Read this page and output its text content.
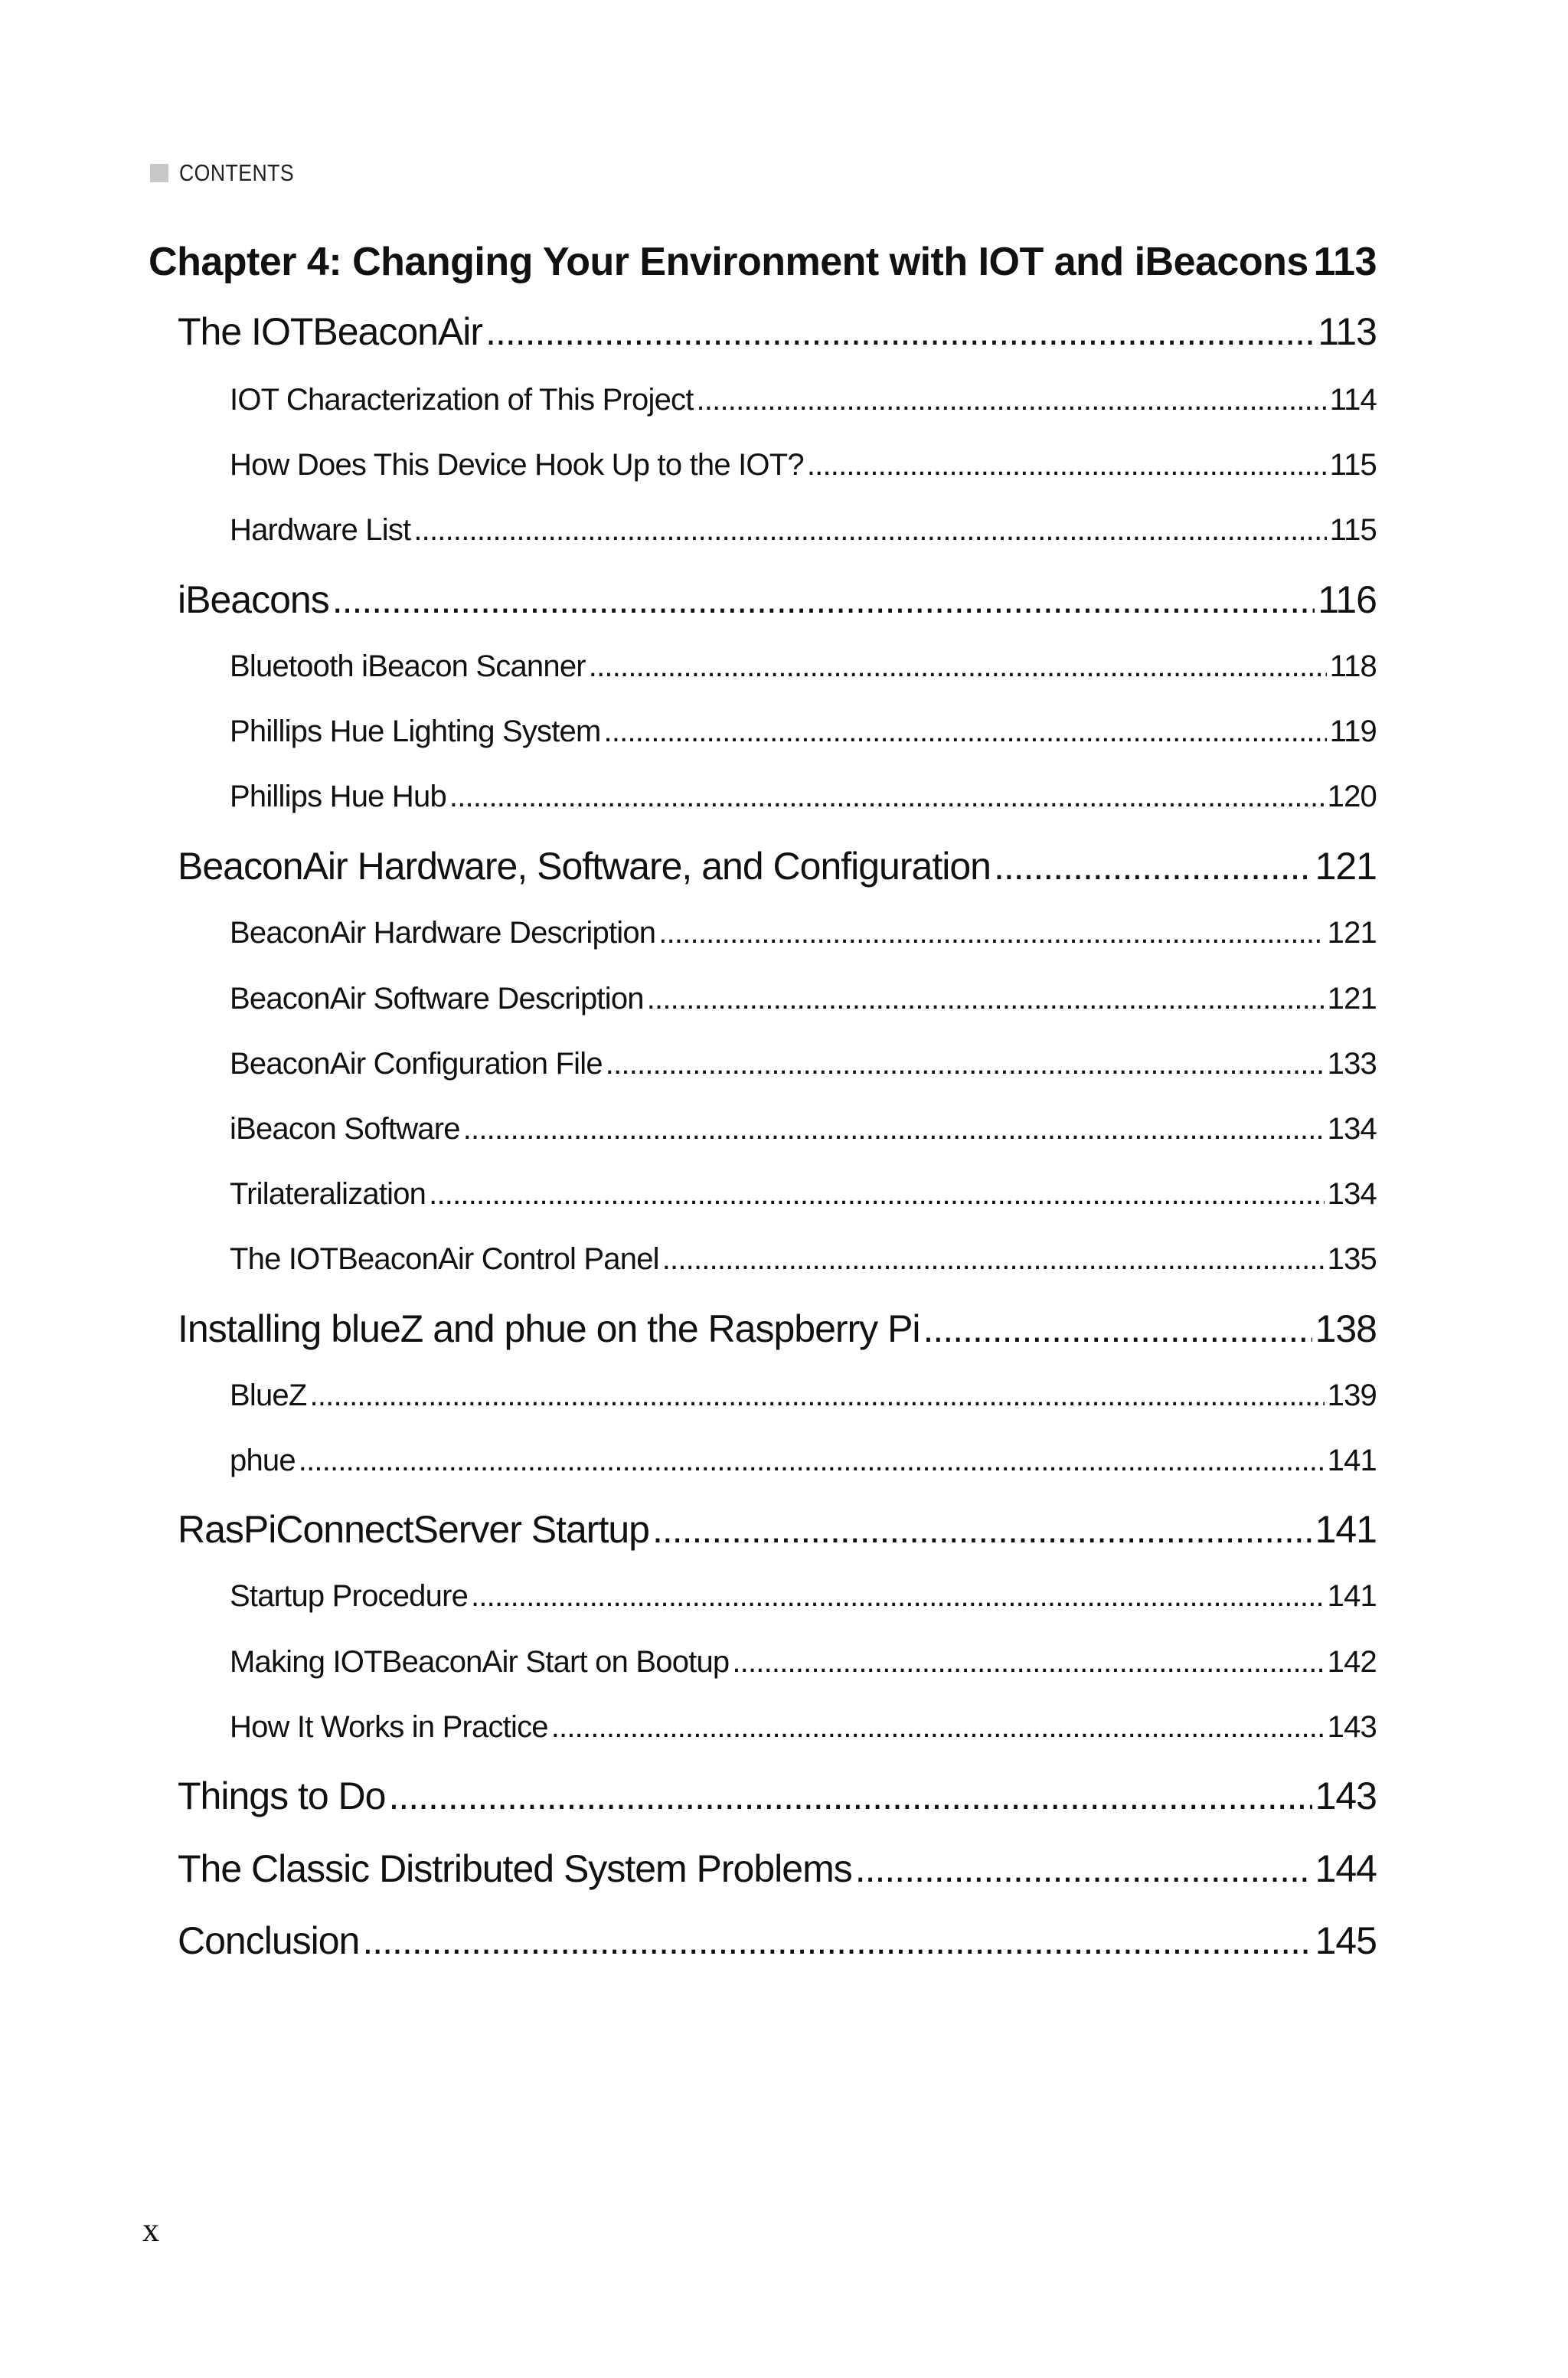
CONTENTS
Chapter 4: Changing Your Environment with IOT and iBeacons ..... 113
The IOTBeaconAir .....	113
IOT Characterization of This Project .....	114
How Does This Device Hook Up to the IOT? .....	115
Hardware List .....	115
iBeacons .....	116
Bluetooth iBeacon Scanner .....	118
Phillips Hue Lighting System .....	119
Phillips Hue Hub .....	120
BeaconAir Hardware, Software, and Configuration .....	121
BeaconAir Hardware Description .....	121
BeaconAir Software Description .....	121
BeaconAir Configuration File .....	133
iBeacon Software .....	134
Trilateralization .....	134
The IOTBeaconAir Control Panel .....	135
Installing blueZ and phue on the Raspberry Pi .....	138
BlueZ .....	139
phue .....	141
RasPiConnectServer Startup .....	141
Startup Procedure .....	141
Making IOTBeaconAir Start on Bootup .....	142
How It Works in Practice .....	143
Things to Do .....	143
The Classic Distributed System Problems .....	144
Conclusion .....	145
x
